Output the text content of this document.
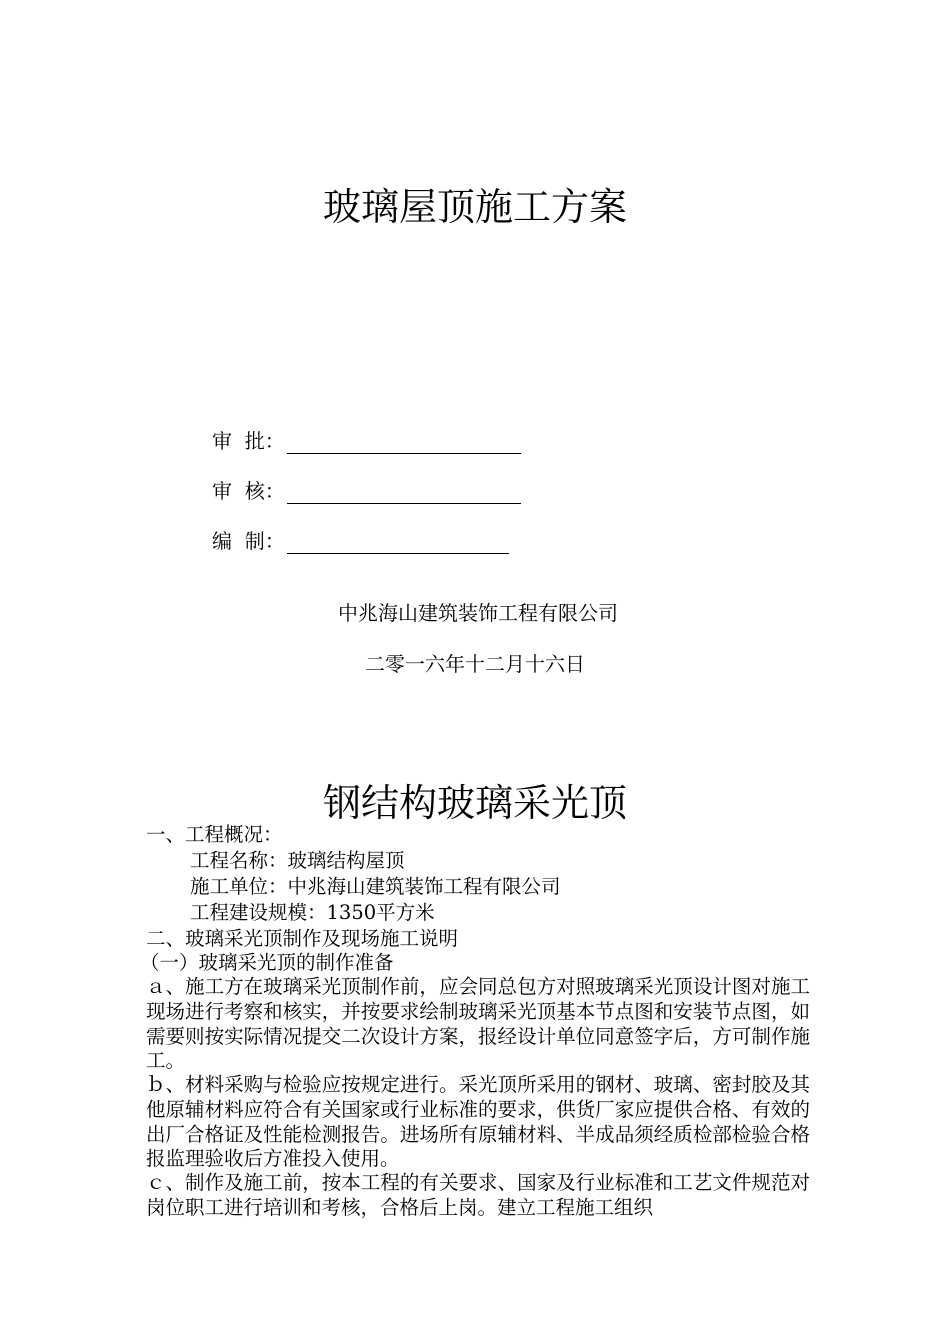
玻璃屋顶施工方案
审  批：
审  核：
编  制：
中兆海山建筑装饰工程有限公司
二零一六年十二月十六日
钢结构玻璃采光顶
一、工程概况：
工程名称：玻璃结构屋顶
施工单位：中兆海山建筑装饰工程有限公司
工程建设规模：1350平方米
二、玻璃采光顶制作及现场施工说明
（一）玻璃采光顶的制作准备
ａ、施工方在玻璃采光顶制作前，应会同总包方对照玻璃采光顶设计图对施工现场进行考察和核实，并按要求绘制玻璃采光顶基本节点图和安装节点图，如需要则按实际情况提交二次设计方案，报经设计单位同意签字后，方可制作施工。
ｂ、材料采购与检验应按规定进行。采光顶所采用的钢材、玻璃、密封胶及其他原辅材料应符合有关国家或行业标准的要求，供货厂家应提供合格、有效的出厂合格证及性能检测报告。进场所有原辅材料、半成品须经质检部检验合格报监理验收后方准投入使用。
ｃ、制作及施工前，按本工程的有关要求、国家及行业标准和工艺文件规范对岗位职工进行培训和考核，合格后上岗。建立工程施工组织
